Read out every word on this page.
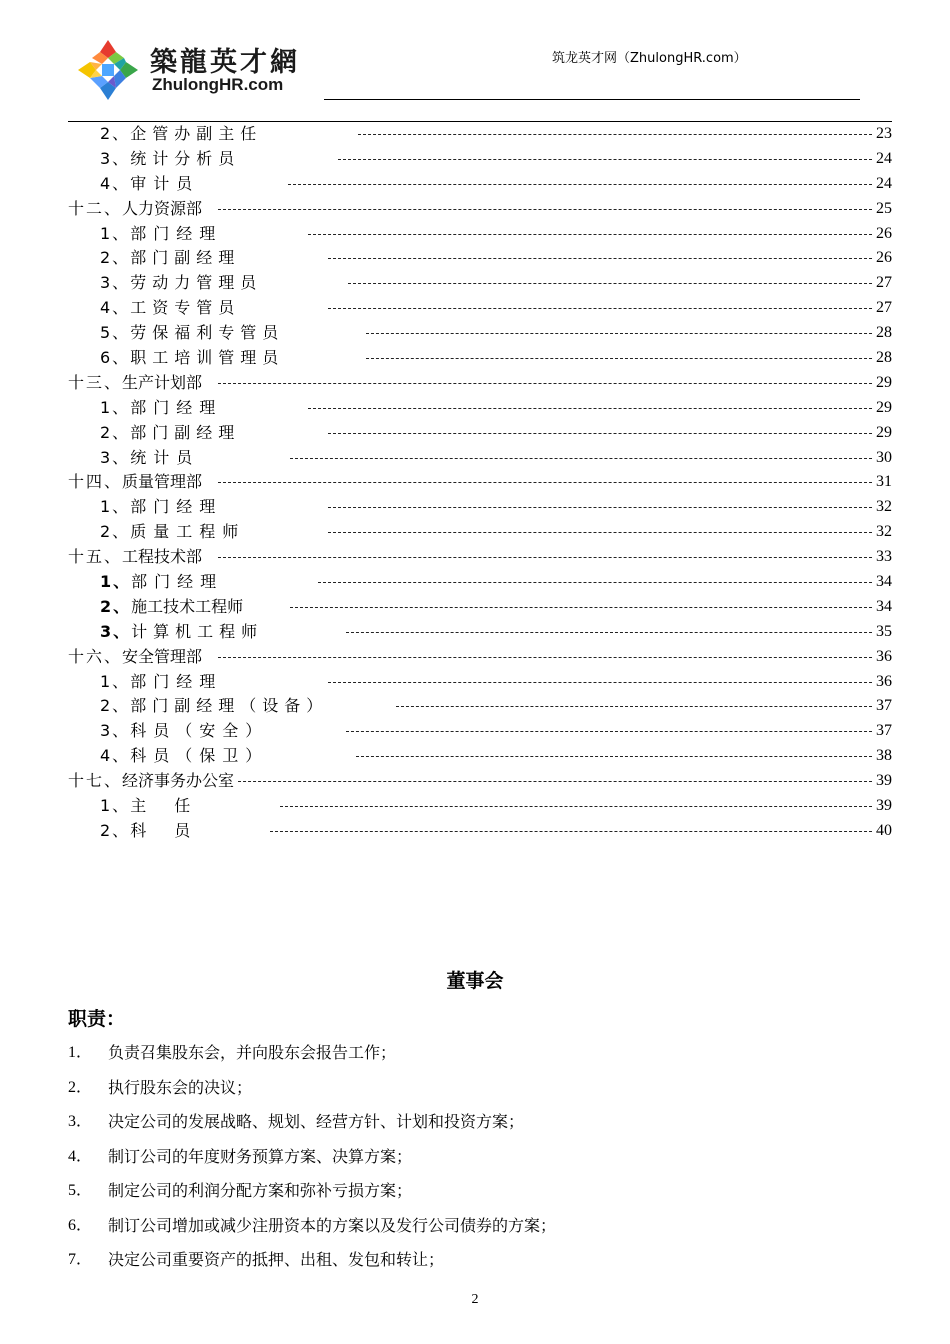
築龍英才網
ZhulongHR.com
筑龙英才网（ZhulongHR.com）
2、企管办副主任	23
3、统计分析员	24
4、审计员	24
十二、人力资源部	25
1、部门经理	26
2、部门副经理	26
3、劳动力管理员	27
4、工资专管员	27
5、劳保福利专管员	28
6、职工培训管理员	28
十三、生产计划部	29
1、部门经理	29
2、部门副经理	29
3、统计员	30
十四、质量管理部	31
1、部门经理	32
2、质量工程师	32
十五、工程技术部	33
1、部门经理	34
2、施工技术工程师	34
3、计算机工程师	35
十六、安全管理部	36
1、部门经理	36
2、部门副经理（设备）	37
3、科员（安全）	37
4、科员（保卫）	38
十七、经济事务办公室	39
1、主　任	39
2、科　员	40
董事会
职责：
1． 负责召集股东会，并向股东会报告工作；
2． 执行股东会的决议；
3． 决定公司的发展战略、规划、经营方针、计划和投资方案；
4． 制订公司的年度财务预算方案、决算方案；
5． 制定公司的利润分配方案和弥补亏损方案；
6． 制订公司增加或减少注册资本的方案以及发行公司债券的方案；
7． 决定公司重要资产的抵押、出租、发包和转让；
2
